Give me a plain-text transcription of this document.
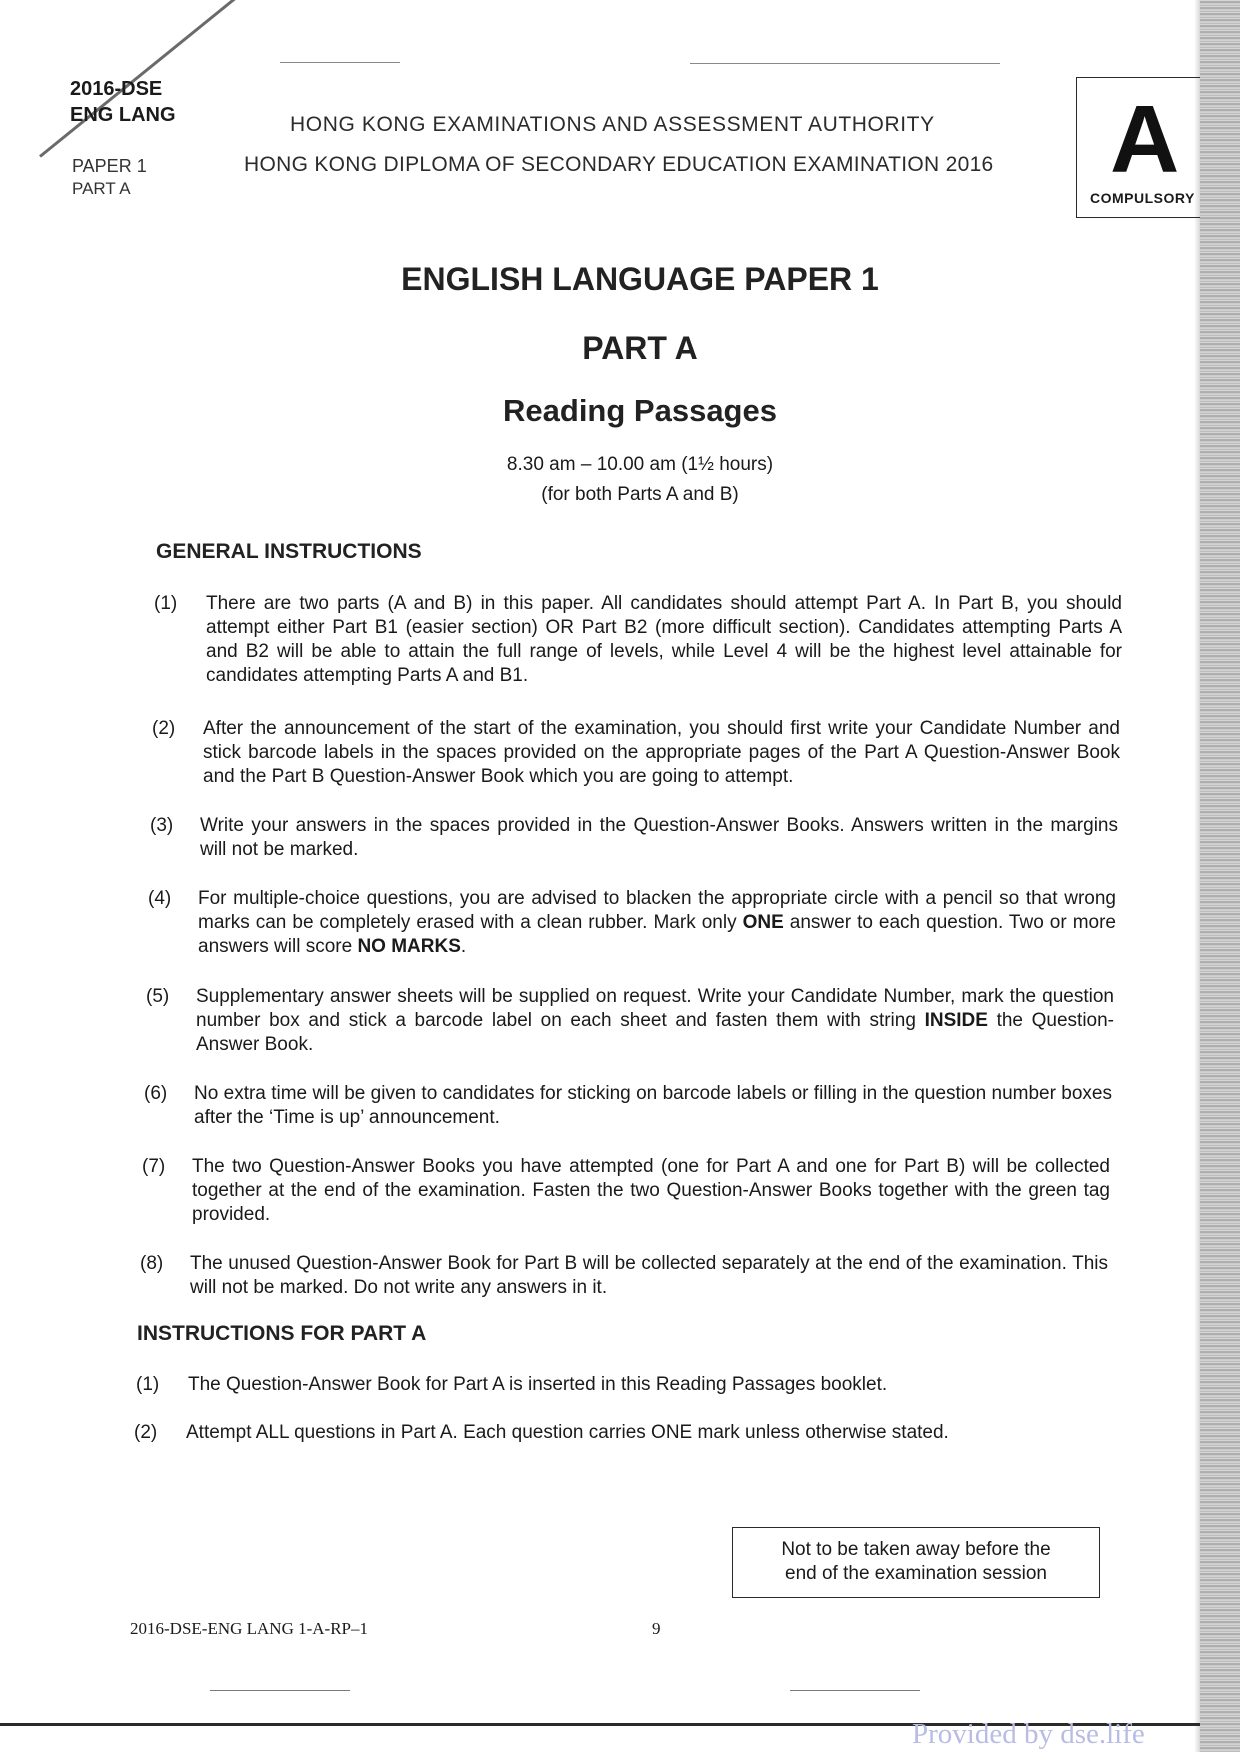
2016-DSE
ENG LANG
PAPER 1
PART A
HONG KONG EXAMINATIONS AND ASSESSMENT AUTHORITY
HONG KONG DIPLOMA OF SECONDARY EDUCATION EXAMINATION 2016 A
COMPULSORY
ENGLISH LANGUAGE PAPER 1
PART A
Reading Passages
8.30 am – 10.00 am (1½ hours)
(for both Parts A and B)
GENERAL INSTRUCTIONS
(1) There are two parts (A and B) in this paper. All candidates should attempt Part A. In Part B, you should attempt either Part B1 (easier section) OR Part B2 (more difficult section). Candidates attempting Parts A and B2 will be able to attain the full range of levels, while Level 4 will be the highest level attainable for candidates attempting Parts A and B1.
(2) After the announcement of the start of the examination, you should first write your Candidate Number and stick barcode labels in the spaces provided on the appropriate pages of the Part A Question-Answer Book and the Part B Question-Answer Book which you are going to attempt.
(3) Write your answers in the spaces provided in the Question-Answer Books. Answers written in the margins will not be marked.
(4) For multiple-choice questions, you are advised to blacken the appropriate circle with a pencil so that wrong marks can be completely erased with a clean rubber. Mark only ONE answer to each question. Two or more answers will score NO MARKS.
(5) Supplementary answer sheets will be supplied on request. Write your Candidate Number, mark the question number box and stick a barcode label on each sheet and fasten them with string INSIDE the Question-Answer Book.
(6) No extra time will be given to candidates for sticking on barcode labels or filling in the question number boxes after the ‘Time is up’ announcement.
(7) The two Question-Answer Books you have attempted (one for Part A and one for Part B) will be collected together at the end of the examination. Fasten the two Question-Answer Books together with the green tag provided.
(8) The unused Question-Answer Book for Part B will be collected separately at the end of the examination. This will not be marked. Do not write any answers in it.
INSTRUCTIONS FOR PART A
(1) The Question-Answer Book for Part A is inserted in this Reading Passages booklet.
(2) Attempt ALL questions in Part A. Each question carries ONE mark unless otherwise stated.
Not to be taken away before the
end of the examination session
2016-DSE-ENG LANG 1-A-RP–1	9
Provided by dse.life
